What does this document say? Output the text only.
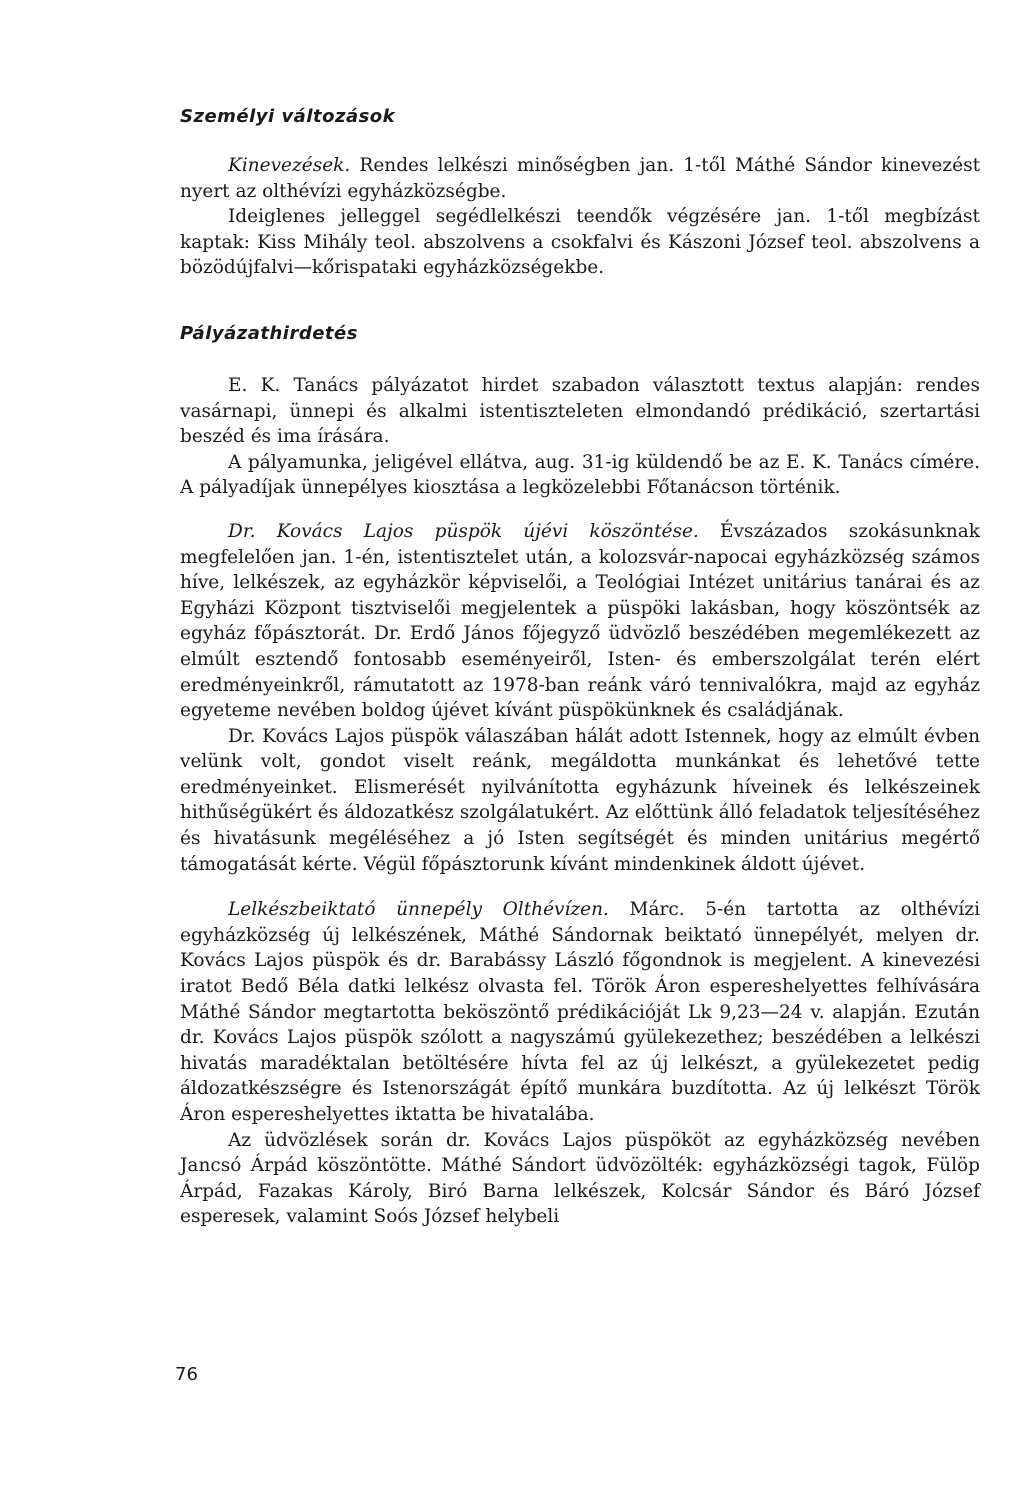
Személyi változások

Kinevezések. Rendes lelkészi minőségben jan. 1-től Máthé Sándor kinevezést nyert az olthévízi egyházközségbe.

Ideiglenes jelleggel segédlelkészi teendők végzésére jan. 1-től megbízást kaptak: Kiss Mihály teol. abszolvens a csokfalvi és Kászoni József teol. abszolvens a bözödújfalvi—kőrispataki egyházközségekbe.

Pályázathirdetés

E. K. Tanács pályázatot hirdet szabadon választott textus alapján: rendes vasárnapi, ünnepi és alkalmi istentiszteleten elmondandó prédikáció, szertartási beszéd és ima írására.

A pályamunka, jeligével ellátva, aug. 31-ig küldendő be az E. K. Tanács címére. A pályadíjak ünnepélyes kiosztása a legközelebbi Főtanácson történik.

Dr. Kovács Lajos püspök újévi köszöntése. Évszázados szokásunknak megfelelően jan. 1-én, istentisztelet után, a kolozsvár-napocai egyházközség számos híve, lelkészek, az egyházkör képviselői, a Teológiai Intézet unitárius tanárai és az Egyházi Központ tisztviselői megjelentek a püspöki lakásban, hogy köszöntsék az egyház főpásztorát. Dr. Erdő János főjegyző üdvözlő beszédében megemlékezett az elmúlt esztendő fontosabb eseményeiről, Isten- és emberszolgálat terén elért eredményeinkről, rámutatott az 1978-ban reánk váró tennivalókra, majd az egyház egyeteme nevében boldog újévet kívánt püspökünknek és családjának.

Dr. Kovács Lajos püspök válaszában hálát adott Istennek, hogy az elmúlt évben velünk volt, gondot viselt reánk, megáldotta munkánkat és lehetővé tette eredményeinket. Elismerését nyilvánította egyházunk híveinek és lelkészeinek hithűségükért és áldozatkész szolgálatukért. Az előttünk álló feladatok teljesítéséhez és hivatásunk megéléséhez a jó Isten segítségét és minden unitárius megértő támogatását kérte. Végül főpásztorunk kívánt mindenkinek áldott újévet.

Lelkészbeiktató ünnepély Olthévízen. Márc. 5-én tartotta az olthévízi egyházközség új lelkészének, Máthé Sándornak beiktató ünnepélyét, melyen dr. Kovács Lajos püspök és dr. Barabássy László főgondnok is megjelent. A kinevezési iratot Bedő Béla datki lelkész olvasta fel. Török Áron espereshelyettes felhívására Máthé Sándor megtartotta beköszöntő prédikációját Lk 9,23—24 v. alapján. Ezután dr. Kovács Lajos püspök szólott a nagyszámú gyülekezethez; beszédében a lelkészi hivatás maradéktalan betöltésére hívta fel az új lelkészt, a gyülekezetet pedig áldozatkészségre és Istenországát építő munkára buzdította. Az új lelkészt Török Áron espereshelyettes iktatta be hivatalába.

Az üdvözlések során dr. Kovács Lajos püspököt az egyházközség nevében Jancsó Árpád köszöntötte. Máthé Sándort üdvözölték: egyházközségi tagok, Fülöp Árpád, Fazakas Károly, Biró Barna lelkészek, Kolcsár Sándor és Báró József esperesek, valamint Soós József helybeli

76
